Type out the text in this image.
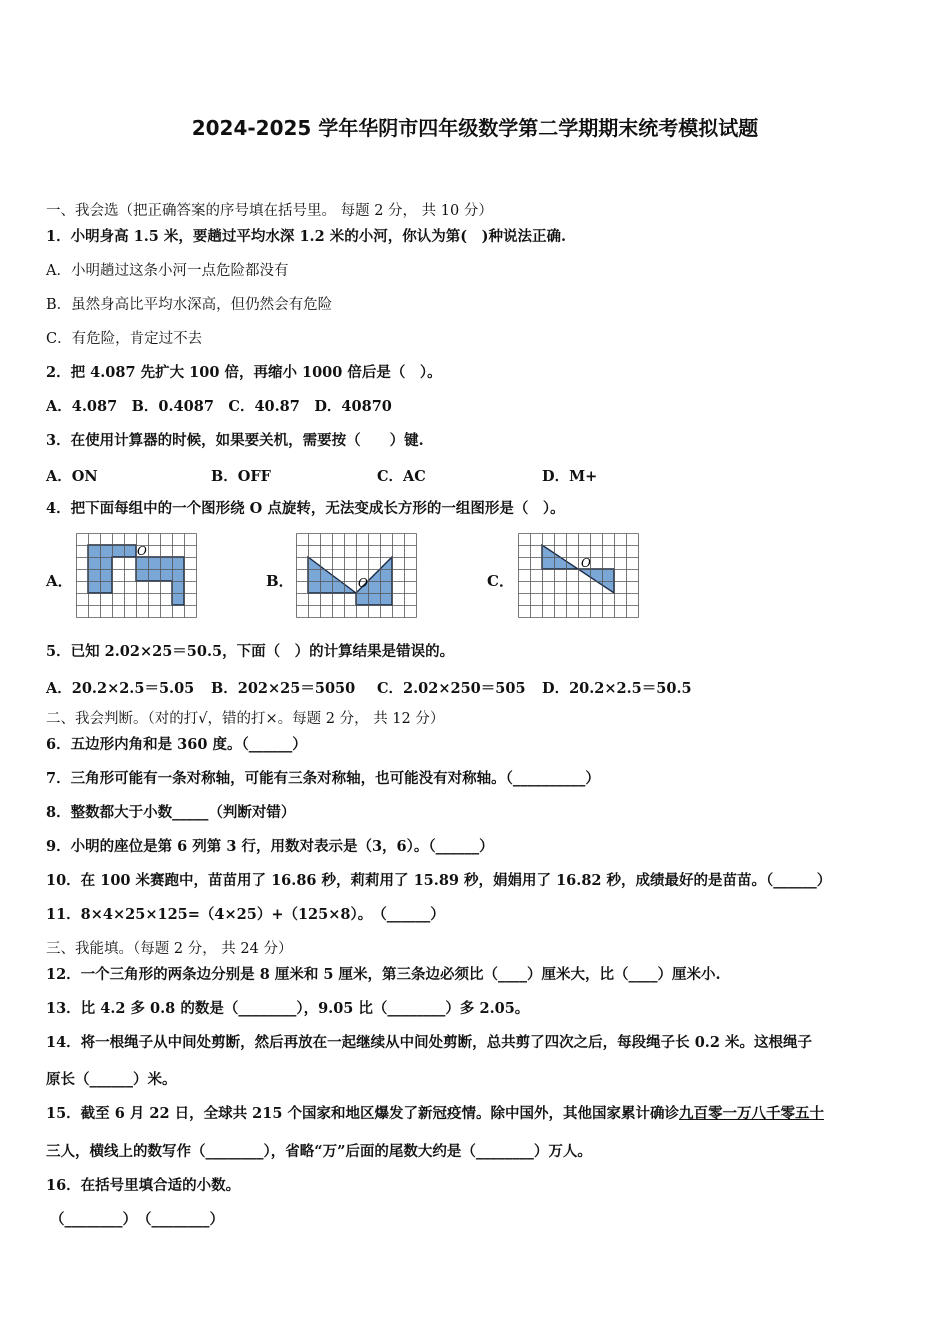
2024-2025 学年华阴市四年级数学第二学期期末统考模拟试题
一、我会选（把正确答案的序号填在括号里。 每题 2 分， 共 10 分）
1．小明身高 1.5 米，要趟过平均水深 1.2 米的小河，你认为第(　)种说法正确.
A．小明趟过这条小河一点危险都没有
B．虽然身高比平均水深高，但仍然会有危险
C．有危险，肯定过不去
2．把 4.087 先扩大 100 倍，再缩小 1000 倍后是（　）。
A．4.087　B．0.4087　C．40.87　D．40870
3．在使用计算器的时候，如果要关机，需要按（　　）键.
A．ON	B．OFF	C．AC	D．M+
4．把下面每组中的一个图形绕 O 点旋转，无法变成长方形的一组图形是（　）。
A．
O
B．	O	C．
O
5．已知 2.02×25＝50.5，下面（　）的计算结果是错误的。
A．20.2×2.5＝5.05 B．202×25＝5050 C．2.02×250＝505 D．20.2×2.5＝50.5
二、我会判断。（对的打√，错的打×。每题 2 分， 共 12 分）
6．五边形内角和是 360 度。（______）
7．三角形可能有一条对称轴，可能有三条对称轴，也可能没有对称轴。（__________）
8．整数都大于小数_____（判断对错）
9．小明的座位是第 6 列第 3 行，用数对表示是（3，6）。（______）
10．在 100 米赛跑中，苗苗用了 16.86 秒，莉莉用了 15.89 秒，娟娟用了 16.82 秒，成绩最好的是苗苗。（______）
11．8×4×25×125=（4×25）+（125×8）。　（______）
三、我能填。（每题 2 分， 共 24 分）
12．一个三角形的两条边分别是 8 厘米和 5 厘米，第三条边必须比（____）厘米大，比（____）厘米小.
13．比 4.2 多 0.8 的数是（________），9.05 比（________）多 2.05。
14．将一根绳子从中间处剪断，然后再放在一起继续从中间处剪断，总共剪了四次之后，每段绳子长 0.2 米。这根绳子
原长（______）米。
15．截至 6 月 22 日，全球共 215 个国家和地区爆发了新冠疫情。除中国外，其他国家累计确诊九百零一万八千零五十
三人，横线上的数写作（________），省略“万”后面的尾数大约是（________）万人。
16．在括号里填合适的小数。
（________）　（________）
